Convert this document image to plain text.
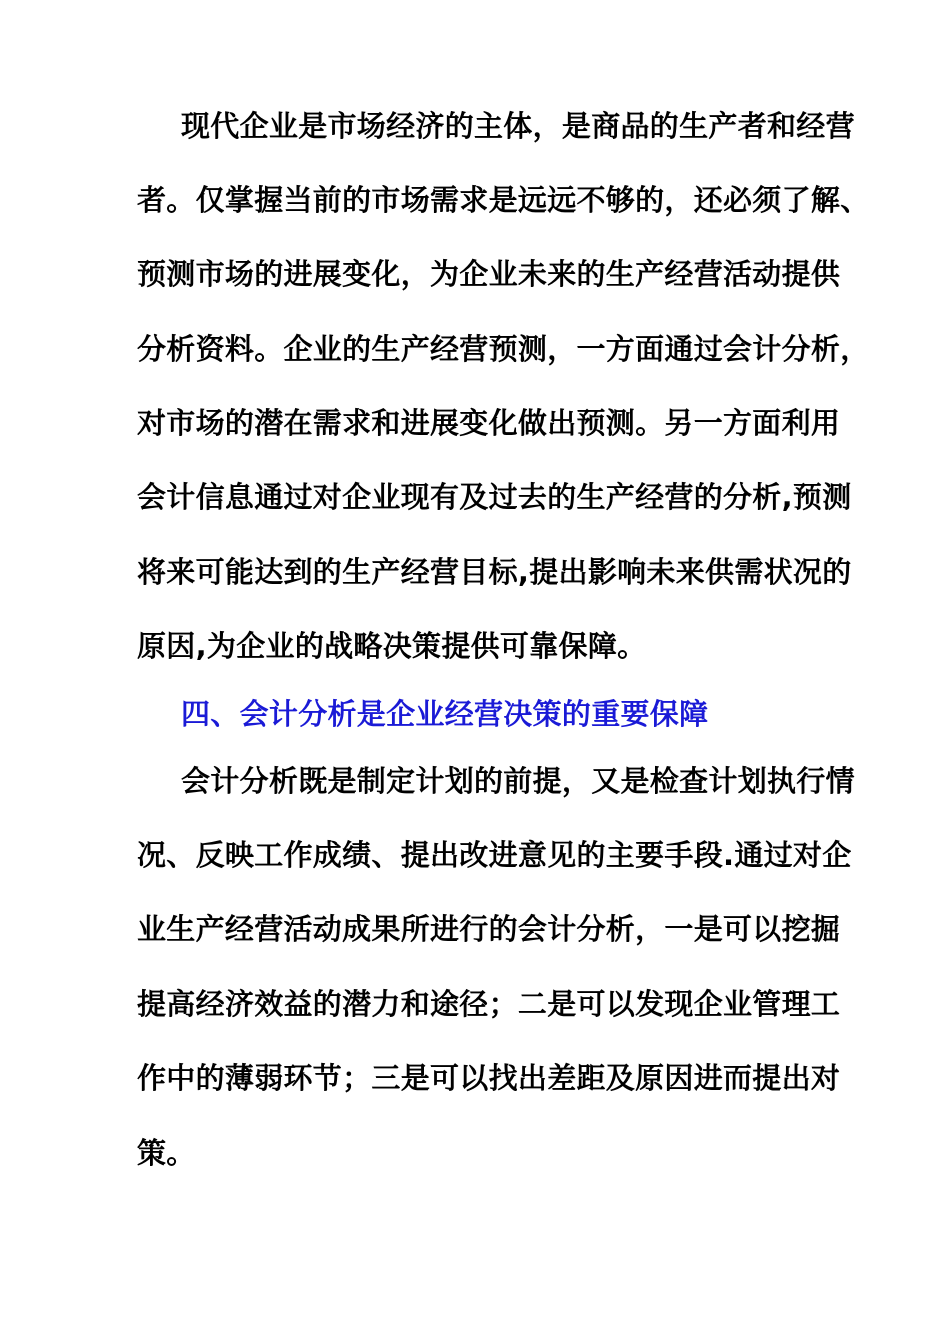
现代企业是市场经济的主体，是商品的生产者和经营
者。仅掌握当前的市场需求是远远不够的，还必须了解、
预测市场的进展变化，为企业未来的生产经营活动提供
分析资料。企业的生产经营预测，一方面通过会计分析，
对市场的潜在需求和进展变化做出预测。另一方面利用
会计信息通过对企业现有及过去的生产经营的分析,预测
将来可能达到的生产经营目标,提出影响未来供需状况的
原因,为企业的战略决策提供可靠保障。
四、会计分析是企业经营决策的重要保障
会计分析既是制定计划的前提，又是检查计划执行情
况、反映工作成绩、提出改进意见的主要手段.通过对企
业生产经营活动成果所进行的会计分析，一是可以挖掘
提高经济效益的潜力和途径；二是可以发现企业管理工
作中的薄弱环节；三是可以找出差距及原因进而提出对
策。
